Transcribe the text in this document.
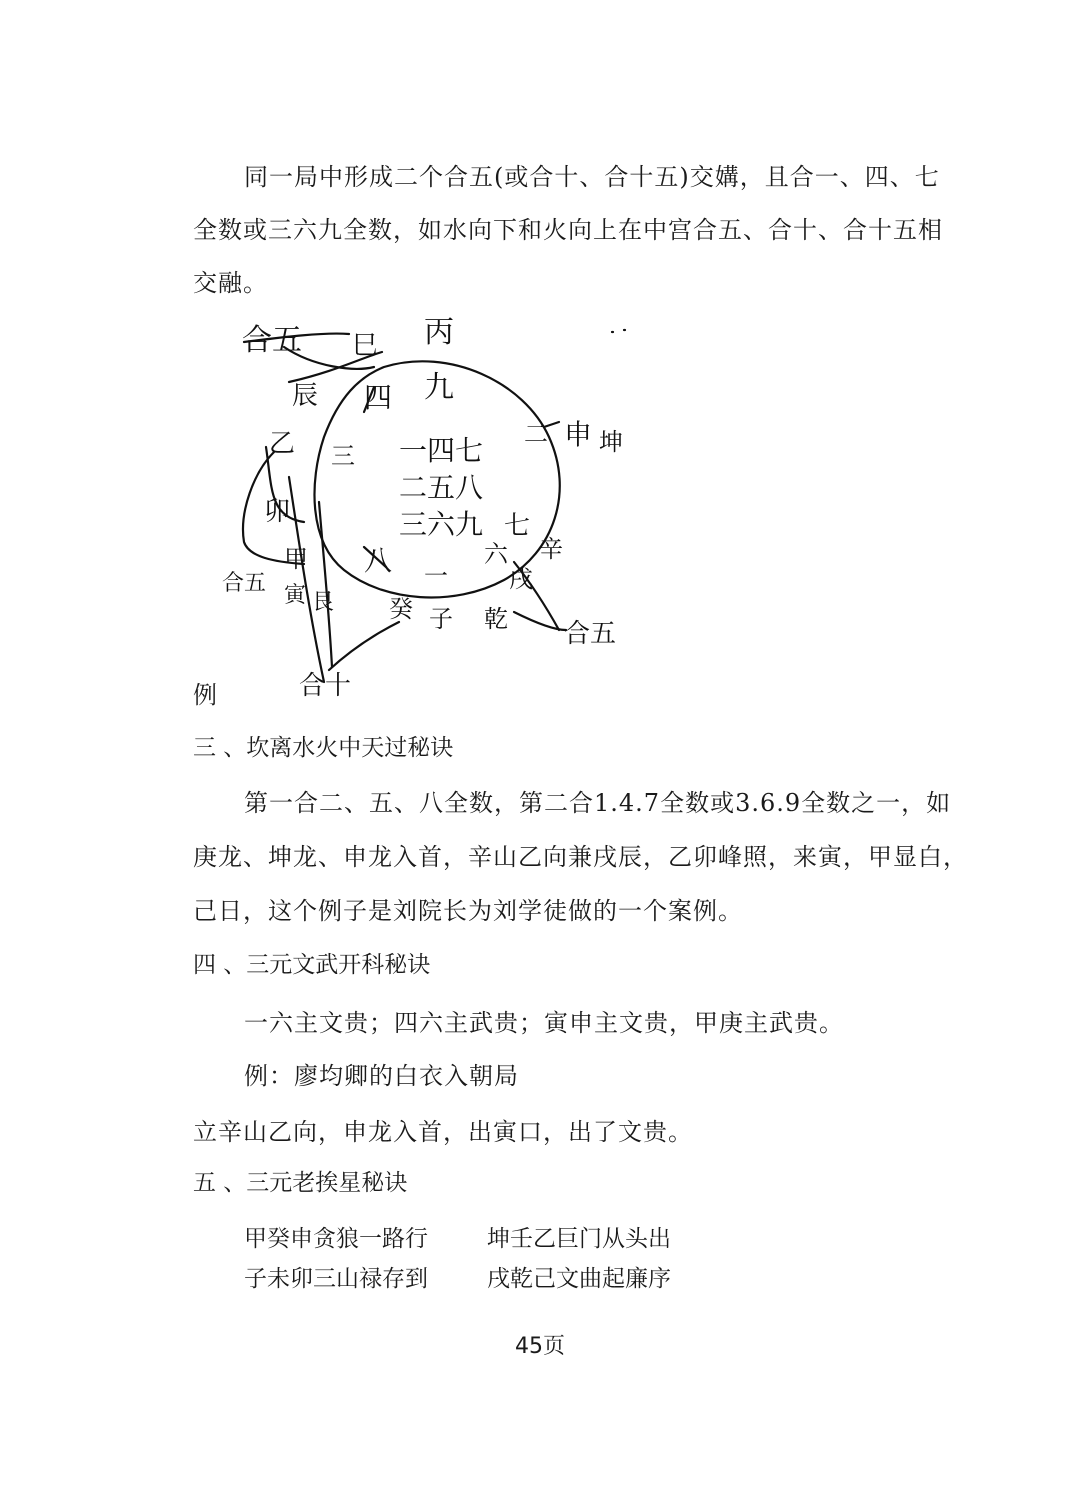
同一局中形成二个合五(或合十、合十五)交媾，且合一、四、七
全数或三六九全数，如水向下和火向上在中宫合五、合十、合十五相
交融。
合五 巳 丙
辰 四 九
乙	申 坤
二
三 一四七
二五八
三六九
卯	七
辛
戌
八 一
六
甲
寅 艮 癸 子 乾
合五
合五
合十
例
三 、坎离水火中天过秘诀
第一合二、五、八全数，第二合1.4.7全数或3.6.9全数之一，如
庚龙、坤龙、申龙入首，辛山乙向兼戌辰，乙卯峰照，来寅，甲显白，
己日，这个例子是刘院长为刘学徒做的一个案例。
四 、三元文武开科秘诀
一六主文贵；四六主武贵；寅申主文贵，甲庚主武贵。
例：廖均卿的白衣入朝局
立辛山乙向，申龙入首，出寅口，出了文贵。
五 、三元老挨星秘诀
甲癸申贪狼一路行	坤壬乙巨门从头出
子未卯三山禄存到	戌乾己文曲起廉序
45页
